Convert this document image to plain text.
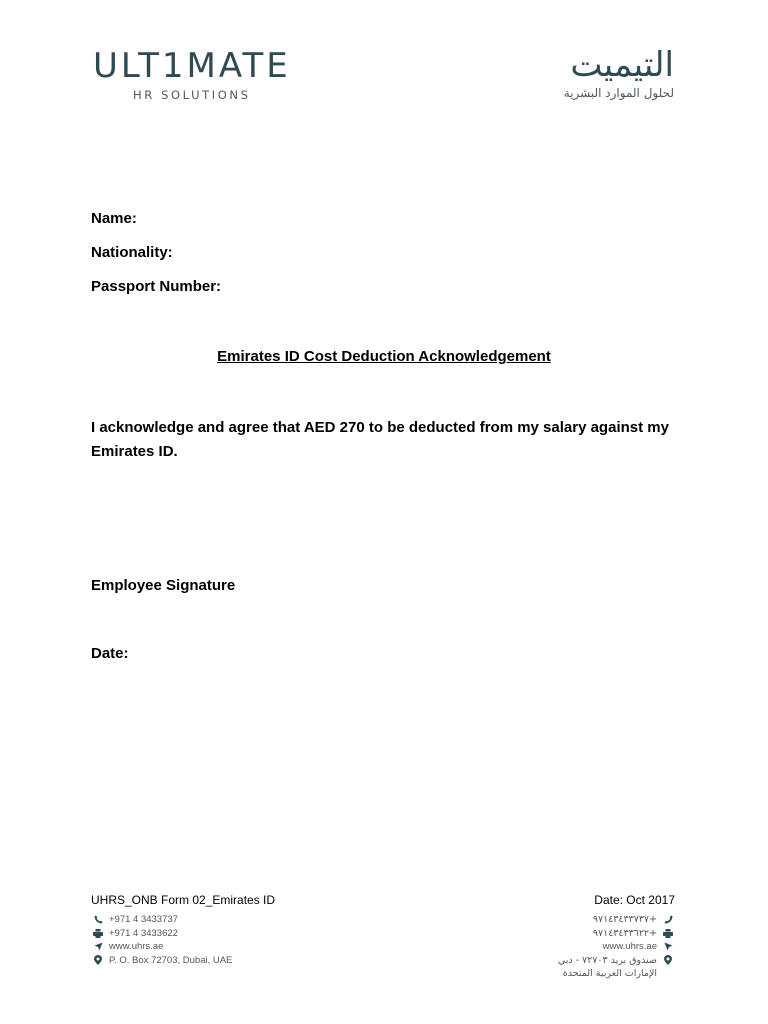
ULT1MATE
HR SOLUTIONS
التيميت
لحلول الموارد البشرية
Name:
Nationality:
Passport Number:
Emirates ID Cost Deduction Acknowledgement
I acknowledge and agree that AED 270 to be deducted from my salary against my Emirates ID.
Employee Signature
Date:
UHRS_ONB Form 02_Emirates ID	Date: Oct 2017
+971 4 3433737
+971 4 3433622
www.uhrs.ae
P. O. Box 72703, Dubai, UAE
+٩٧١٤٣٤٣٣٧٣٧
+٩٧١٤٣٤٣٣٦٢٢
www.uhrs.ae
صندوق بريد ٧٢٧٠٣ - دبي
الإمارات العربية المتحدة
